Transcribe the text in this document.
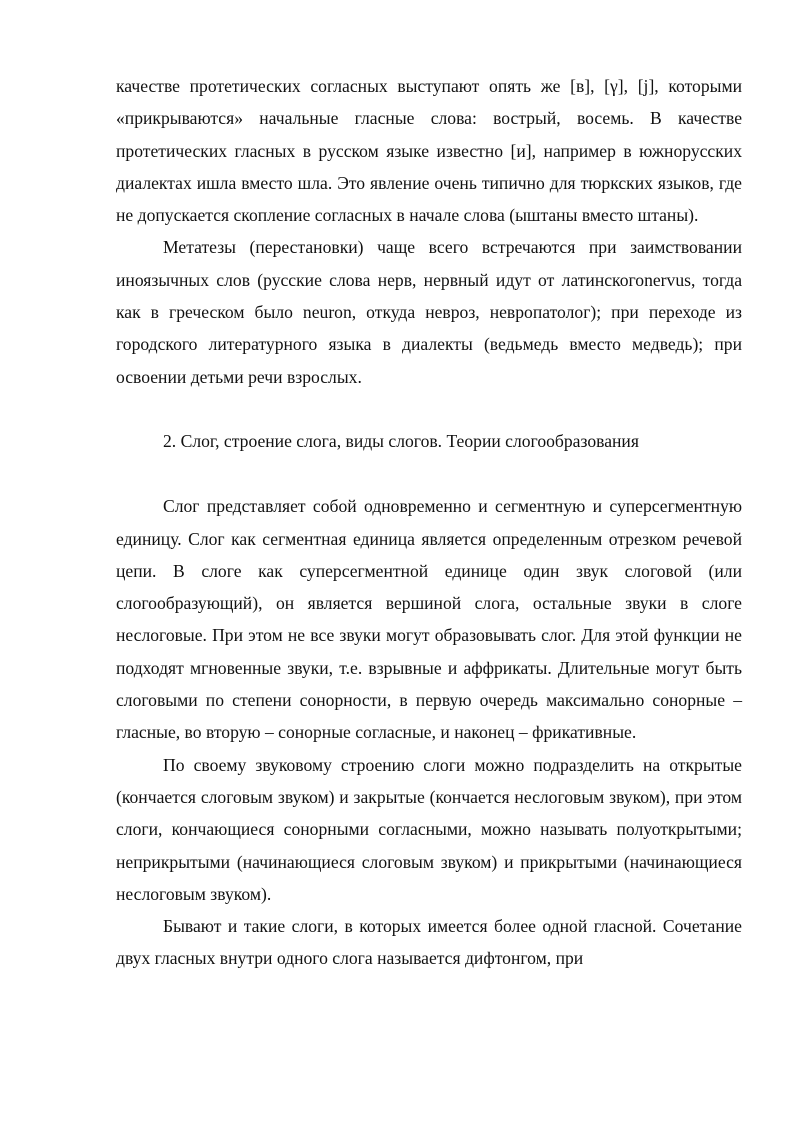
качестве протетических согласных выступают опять же [в], [γ], [j], которыми «прикрываются» начальные гласные слова: вострый, восемь. В качестве протетических гласных в русском языке известно [и], например в южнорусских диалектах ишла вместо шла. Это явление очень типично для тюркских языков, где не допускается скопление согласных в начале слова (ыштаны вместо штаны).

Метатезы (перестановки) чаще всего встречаются при заимствовании иноязычных слов (русские слова нерв, нервный идут от латинскогоnervus, тогда как в греческом было neuron, откуда невроз, невропатолог); при переходе из городского литературного языка в диалекты (ведьмедь вместо медведь); при освоении детьми речи взрослых.

2. Слог, строение слога, виды слогов. Теории слогообразования

Слог представляет собой одновременно и сегментную и суперсегментную единицу. Слог как сегментная единица является определенным отрезком речевой цепи. В слоге как суперсегментной единице один звук слоговой (или слогообразующий), он является вершиной слога, остальные звуки в слоге неслоговые. При этом не все звуки могут образовывать слог. Для этой функции не подходят мгновенные звуки, т.е. взрывные и аффрикаты. Длительные могут быть слоговыми по степени сонорности, в первую очередь максимально сонорные – гласные, во вторую – сонорные согласные, и наконец – фрикативные.

По своему звуковому строению слоги можно подразделить на открытые (кончается слоговым звуком) и закрытые (кончается неслоговым звуком), при этом слоги, кончающиеся сонорными согласными, можно называть полуоткрытыми; неприкрытыми (начинающиеся слоговым звуком) и прикрытыми (начинающиеся неслоговым звуком).

Бывают и такие слоги, в которых имеется более одной гласной. Сочетание двух гласных внутри одного слога называется дифтонгом, при
